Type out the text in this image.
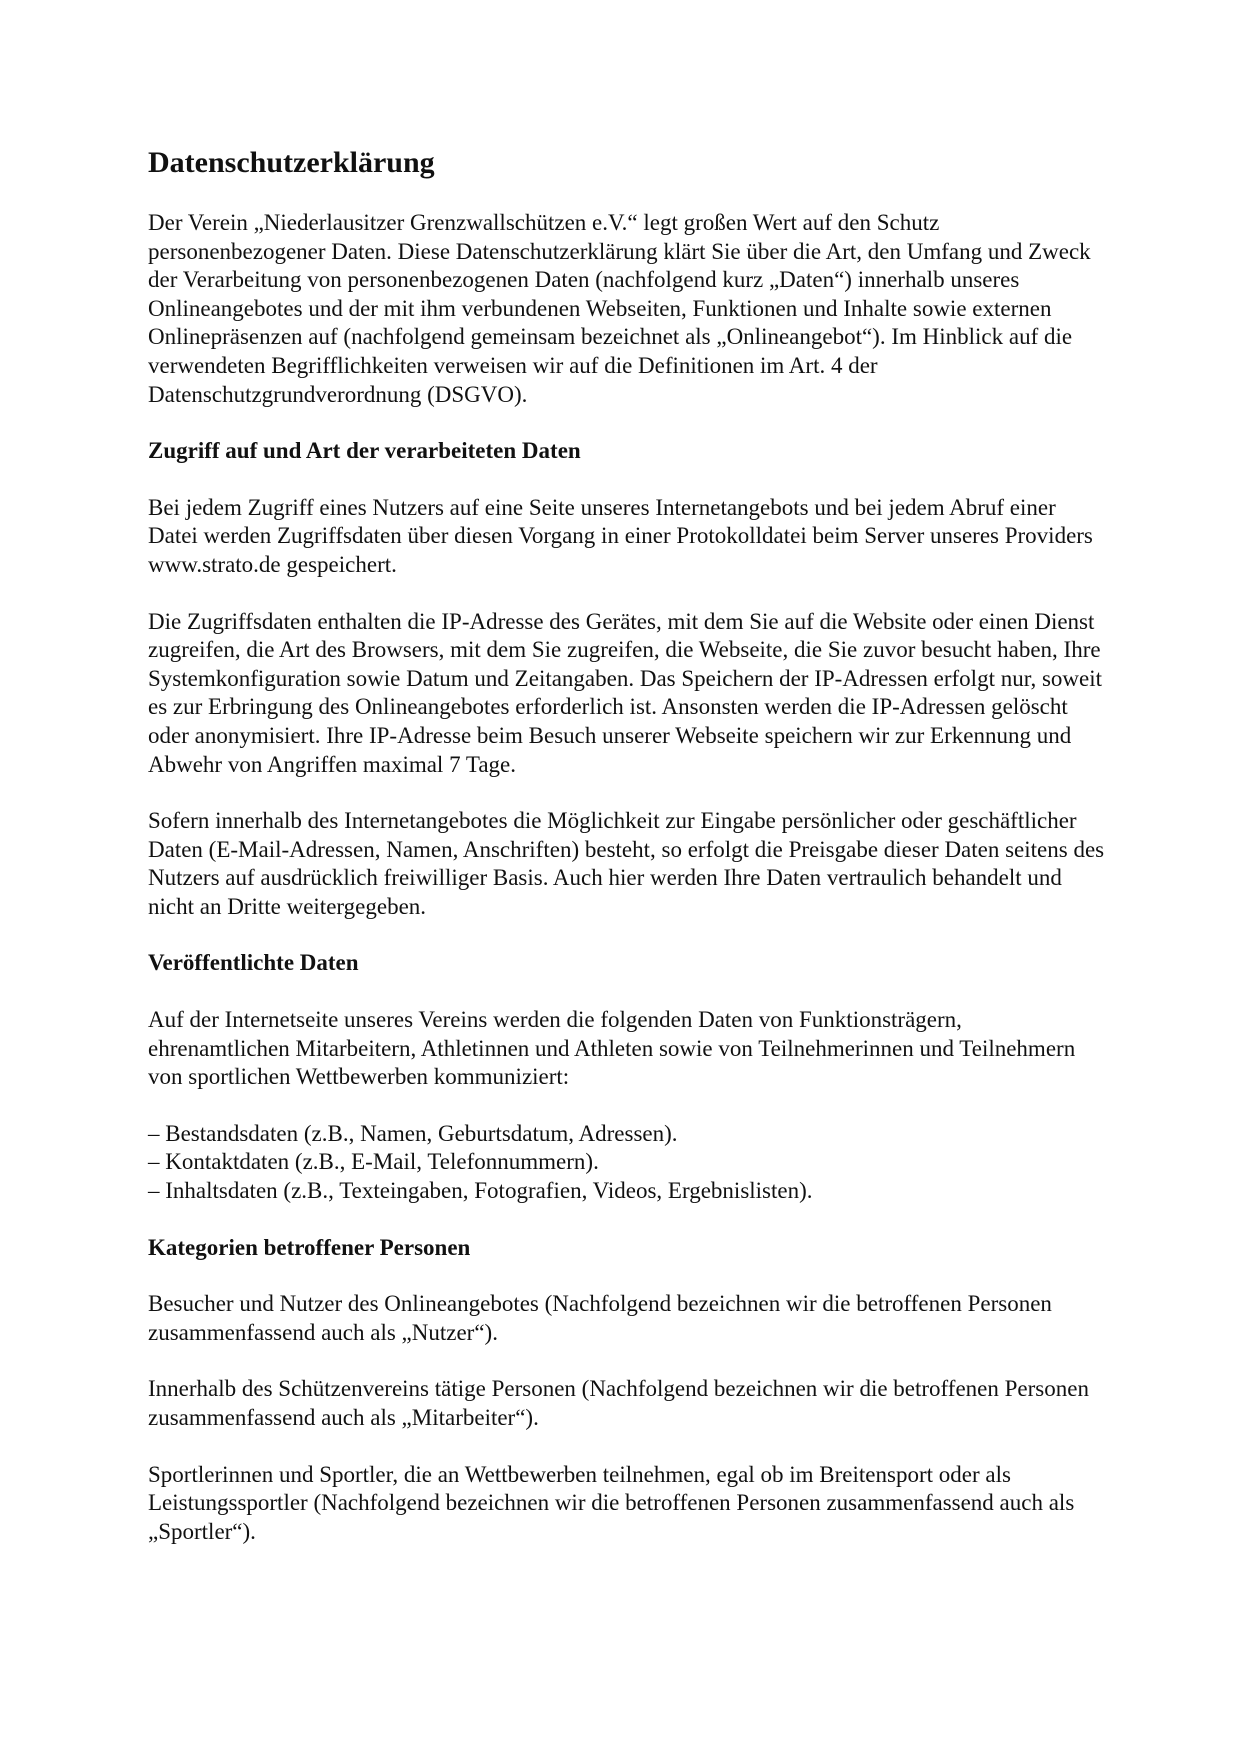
Datenschutzerklärung

Der Verein „Niederlausitzer Grenzwallschützen e.V.“ legt großen Wert auf den Schutz personenbezogener Daten. Diese Datenschutzerklärung klärt Sie über die Art, den Umfang und Zweck der Verarbeitung von personenbezogenen Daten (nachfolgend kurz „Daten“) innerhalb unseres Onlineangebotes und der mit ihm verbundenen Webseiten, Funktionen und Inhalte sowie externen Onlinepräsenzen auf (nachfolgend gemeinsam bezeichnet als „Onlineangebot“). Im Hinblick auf die verwendeten Begrifflichkeiten verweisen wir auf die Definitionen im Art. 4 der Datenschutzgrundverordnung (DSGVO).

Zugriff auf und Art der verarbeiteten Daten

Bei jedem Zugriff eines Nutzers auf eine Seite unseres Internetangebots und bei jedem Abruf einer Datei werden Zugriffsdaten über diesen Vorgang in einer Protokolldatei beim Server unseres Providers www.strato.de gespeichert.

Die Zugriffsdaten enthalten die IP-Adresse des Gerätes, mit dem Sie auf die Website oder einen Dienst zugreifen, die Art des Browsers, mit dem Sie zugreifen, die Webseite, die Sie zuvor besucht haben, Ihre Systemkonfiguration sowie Datum und Zeitangaben. Das Speichern der IP-Adressen erfolgt nur, soweit es zur Erbringung des Onlineangebotes erforderlich ist. Ansonsten werden die IP-Adressen gelöscht oder anonymisiert. Ihre IP-Adresse beim Besuch unserer Webseite speichern wir zur Erkennung und Abwehr von Angriffen maximal 7 Tage.

Sofern innerhalb des Internetangebotes die Möglichkeit zur Eingabe persönlicher oder geschäftlicher Daten (E-Mail-Adressen, Namen, Anschriften) besteht, so erfolgt die Preisgabe dieser Daten seitens des Nutzers auf ausdrücklich freiwilliger Basis. Auch hier werden Ihre Daten vertraulich behandelt und nicht an Dritte weitergegeben.

Veröffentlichte Daten

Auf der Internetseite unseres Vereins werden die folgenden Daten von Funktionsträgern, ehrenamtlichen Mitarbeitern, Athletinnen und Athleten sowie von Teilnehmerinnen und Teilnehmern von sportlichen Wettbewerben kommuniziert:

– Bestandsdaten (z.B., Namen, Geburtsdatum, Adressen).
– Kontaktdaten (z.B., E-Mail, Telefonnummern).
– Inhaltsdaten (z.B., Texteingaben, Fotografien, Videos, Ergebnislisten).
Kategorien betroffener Personen

Besucher und Nutzer des Onlineangebotes (Nachfolgend bezeichnen wir die betroffenen Personen zusammenfassend auch als „Nutzer“).

Innerhalb des Schützenvereins tätige Personen (Nachfolgend bezeichnen wir die betroffenen Personen zusammenfassend auch als „Mitarbeiter“).

Sportlerinnen und Sportler, die an Wettbewerben teilnehmen, egal ob im Breitensport oder als Leistungssportler (Nachfolgend bezeichnen wir die betroffenen Personen zusammenfassend auch als „Sportler“).
